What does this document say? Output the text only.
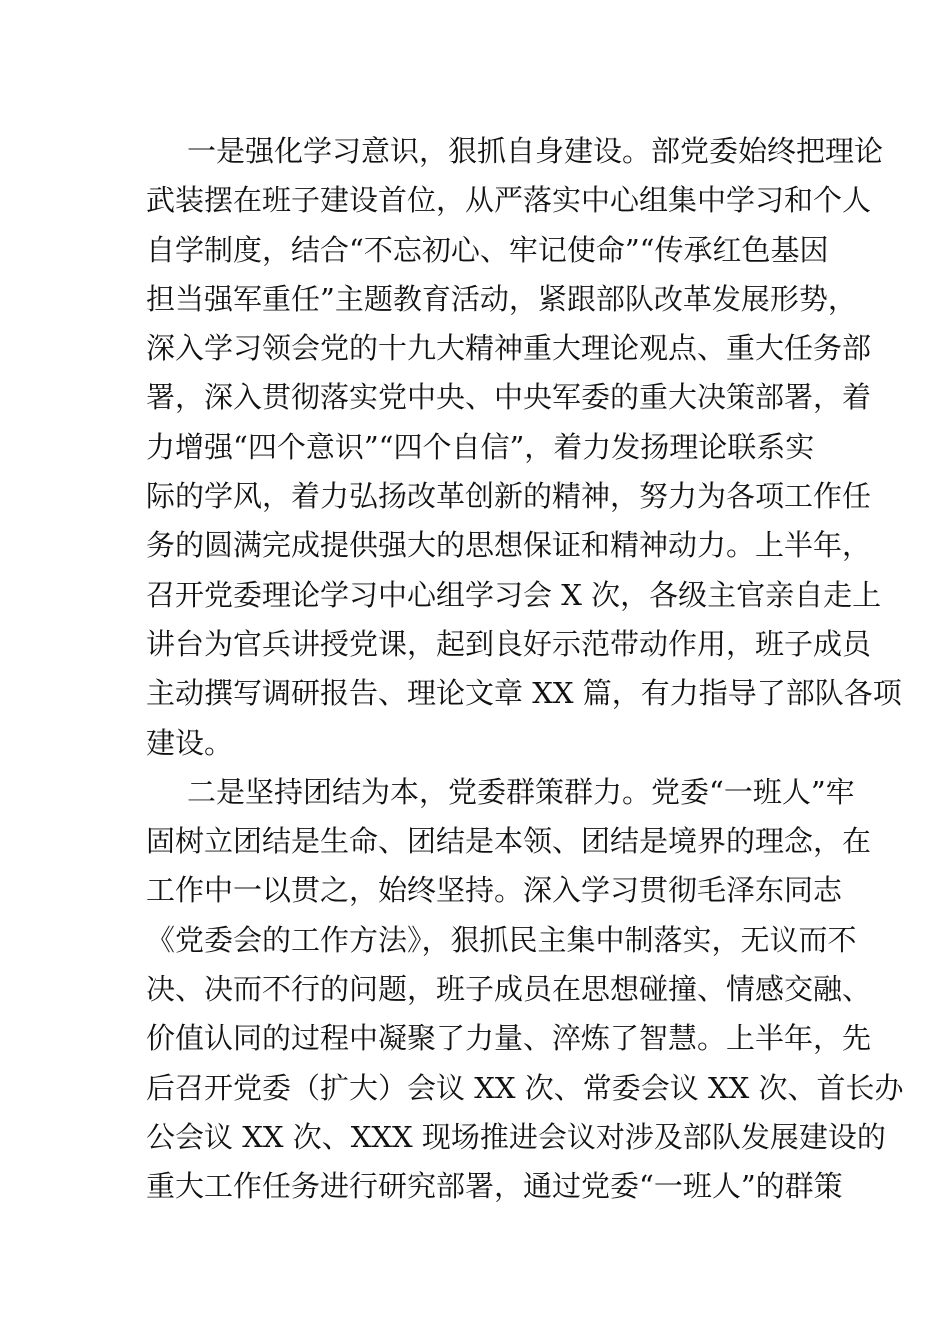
一是强化学习意识，狠抓自身建设。部党委始终把理论
武装摆在班子建设首位，从严落实中心组集中学习和个人
自学制度，结合“不忘初心、牢记使命”“传承红色基因
担当强军重任”主题教育活动，紧跟部队改革发展形势，
深入学习领会党的十九大精神重大理论观点、重大任务部
署，深入贯彻落实党中央、中央军委的重大决策部署，着
力增强“四个意识”“四个自信”，着力发扬理论联系实
际的学风，着力弘扬改革创新的精神，努力为各项工作任
务的圆满完成提供强大的思想保证和精神动力。上半年，
召开党委理论学习中心组学习会 X 次，各级主官亲自走上
讲台为官兵讲授党课，起到良好示范带动作用，班子成员
主动撰写调研报告、理论文章 XX 篇，有力指导了部队各项
建设。
二是坚持团结为本，党委群策群力。党委“一班人”牢
固树立团结是生命、团结是本领、团结是境界的理念，在
工作中一以贯之，始终坚持。深入学习贯彻毛泽东同志
《党委会的工作方法》，狠抓民主集中制落实，无议而不
决、决而不行的问题，班子成员在思想碰撞、情感交融、
价值认同的过程中凝聚了力量、淬炼了智慧。上半年，先
后召开党委（扩大）会议 XX 次、常委会议 XX 次、首长办
公会议 XX 次、XXX 现场推进会议对涉及部队发展建设的
重大工作任务进行研究部署，通过党委“一班人”的群策
